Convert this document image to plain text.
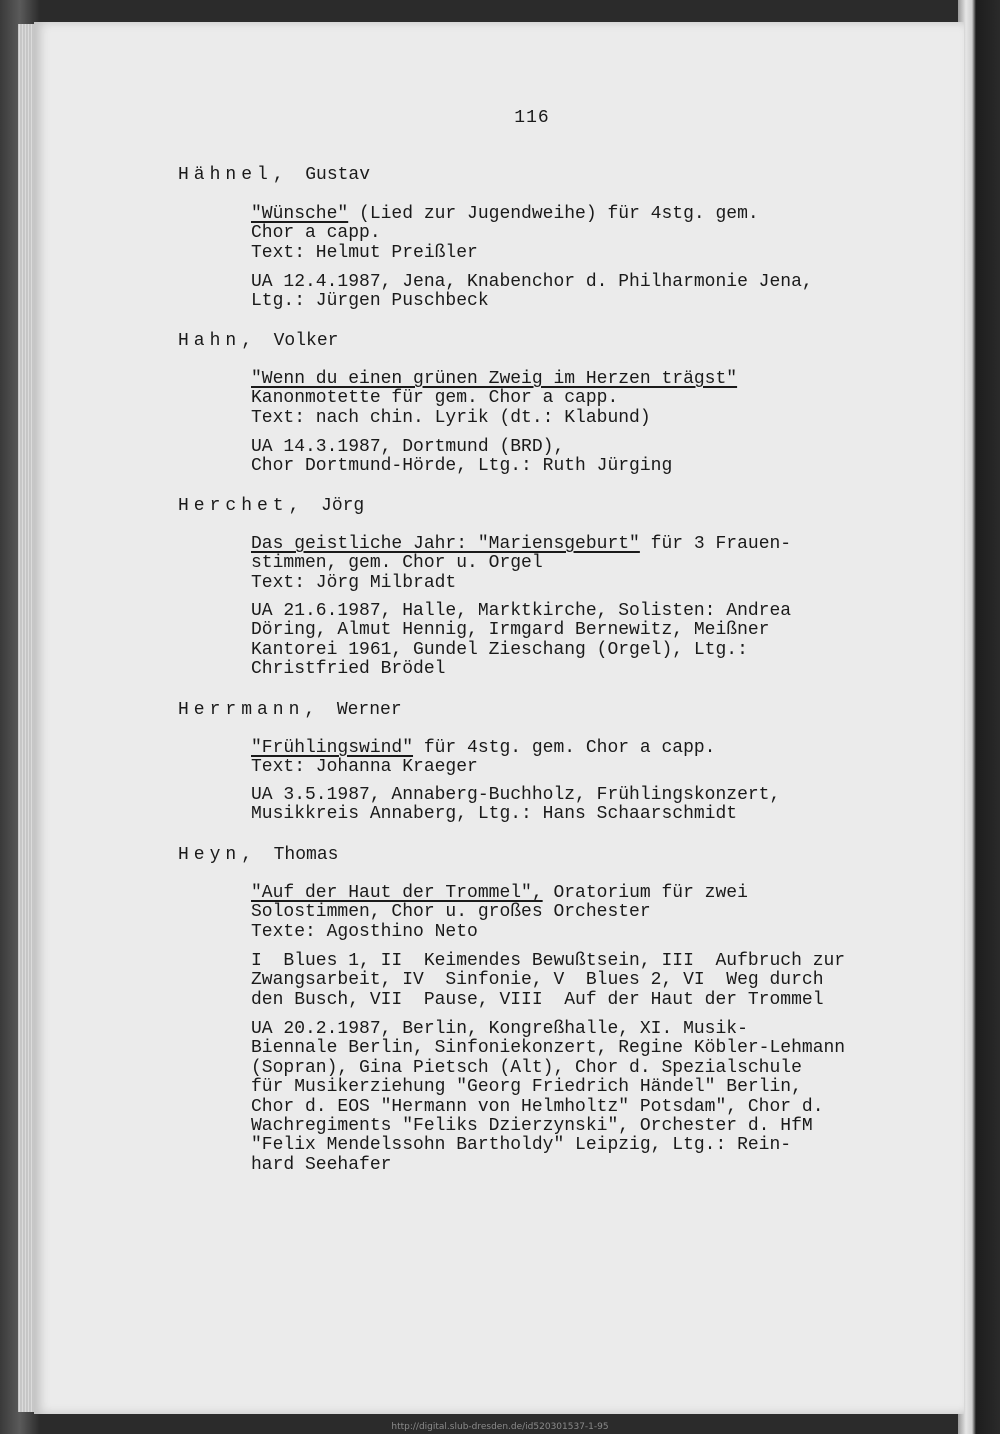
116
Hähnel,  Gustav
"Wünsche" (Lied zur Jugendweihe) für 4stg. gem.
Chor a capp.
Text: Helmut Preißler
UA 12.4.1987, Jena, Knabenchor d. Philharmonie Jena,
Ltg.: Jürgen Puschbeck
Hahn,  Volker
"Wenn du einen grünen Zweig im Herzen trägst"
Kanonmotette für gem. Chor a capp.
Text: nach chin. Lyrik (dt.: Klabund)
UA 14.3.1987, Dortmund (BRD),
Chor Dortmund-Hörde, Ltg.: Ruth Jürging
Herchet,  Jörg
Das geistliche Jahr: "Mariensgeburt" für 3 Frauen-
stimmen, gem. Chor u. Orgel
Text: Jörg Milbradt
UA 21.6.1987, Halle, Marktkirche, Solisten: Andrea
Döring, Almut Hennig, Irmgard Bernewitz, Meißner
Kantorei 1961, Gundel Zieschang (Orgel), Ltg.:
Christfried Brödel
Herrmann,  Werner
"Frühlingswind" für 4stg. gem. Chor a capp.
Text: Johanna Kraeger
UA 3.5.1987, Annaberg-Buchholz, Frühlingskonzert,
Musikkreis Annaberg, Ltg.: Hans Schaarschmidt
Heyn,  Thomas
"Auf der Haut der Trommel", Oratorium für zwei
Solostimmen, Chor u. großes Orchester
Texte: Agosthino Neto
I  Blues 1, II  Keimendes Bewußtsein, III  Aufbruch zur
Zwangsarbeit, IV  Sinfonie, V  Blues 2, VI  Weg durch
den Busch, VII  Pause, VIII  Auf der Haut der Trommel
UA 20.2.1987, Berlin, Kongreßhalle, XI. Musik-
Biennale Berlin, Sinfoniekonzert, Regine Köbler-Lehmann
(Sopran), Gina Pietsch (Alt), Chor d. Spezialschule
für Musikerziehung "Georg Friedrich Händel" Berlin,
Chor d. EOS "Hermann von Helmholtz" Potsdam", Chor d.
Wachregiments "Feliks Dzierzynski", Orchester d. HfM
"Felix Mendelssohn Bartholdy" Leipzig, Ltg.: Rein-
hard Seehafer
http://digital.slub-dresden.de/id520301537-1-95
